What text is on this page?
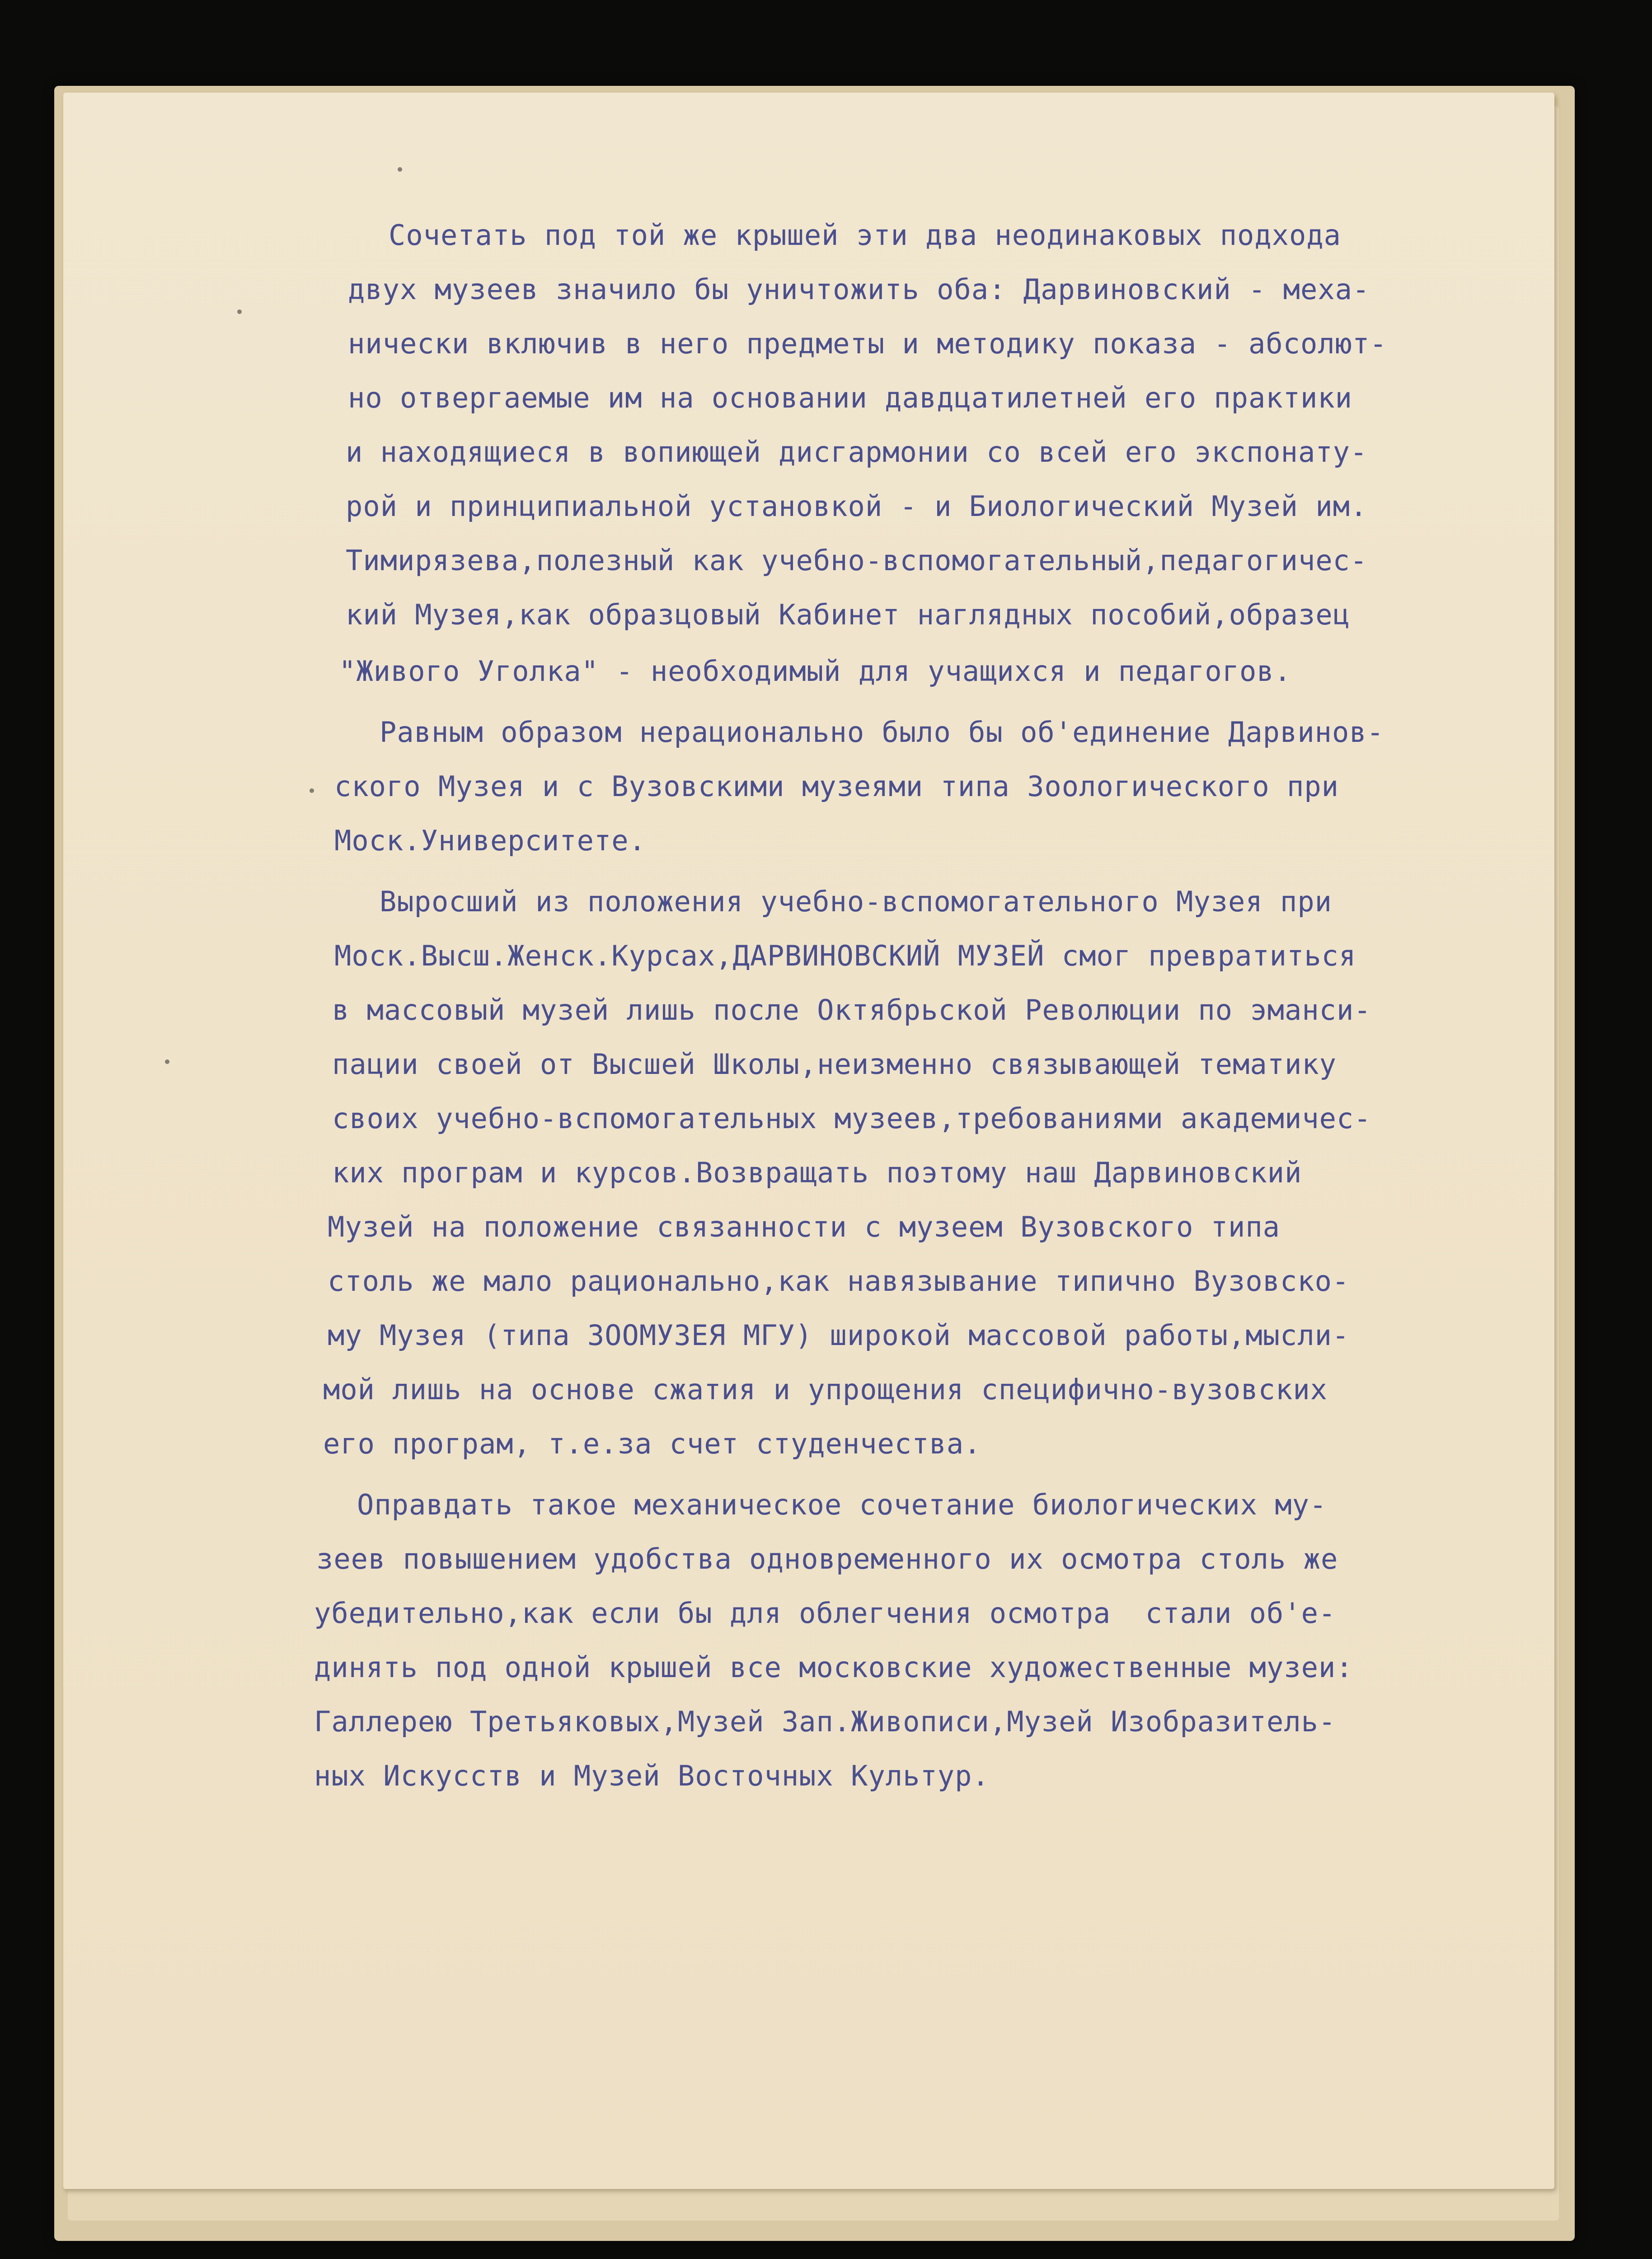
Сочетать под той же крышей эти два неодинаковых подхода
двух музеев значило бы уничтожить оба: Дарвиновский - меха-
нически включив в него предметы и методику показа - абсолют-
но отвергаемые им на основании давдцатилетней его практики
и находящиеся в вопиющей дисгармонии со всей его экспонату-
рой и принципиальной установкой - и Биологичеcкий Музей им.
Тимирязева,полезный как учебно-вспомогательный,педагогичес-
кий Музея,как образцовый Кабинет наглядных пособий,образец
"Живого Уголка" - необходимый для учащихся и педагогов.
Равным образом нерационально было бы об'единение Дарвинов-
ского Музея и с Вузовскими музеями типа Зоологического при
Моск.Университете.
Выросший из положения учебно-вспомогательного Музея при
Моск.Высш.Женск.Курсах,ДАРВИНОВСКИЙ МУЗЕЙ смог превратиться
в массовый музей лишь после Октябрьской Революции по эманси-
пации своей от Высшей Школы,неизменно связывающей тематику
своих учебно-вспомогательных музеев,требованиями академичес-
ких програм и курсов.Возвращать поэтому наш Дарвиновский
Музей на положение связанности с музеем Вузовского типа
столь же мало рационально,как навязывание типично Вузовско-
му Музея (типа ЗООМУЗЕЯ МГУ) широкой массовой работы,мысли-
мой лишь на основе сжатия и упрощения специфично-вузовских
его програм, т.е.за счет студенчества.
Оправдать такое механическое сочетание биологических му-
зеев повышением удобства одновременного их осмотра столь же
убедительно,как если бы для облегчения осмотра  стали об'е-
динять под одной крышей все московские художественные музеи:
Галлерею Третьяковых,Музей Зап.Живописи,Музей Изобразитель-
ных Искусств и Музей Восточных Культур.
